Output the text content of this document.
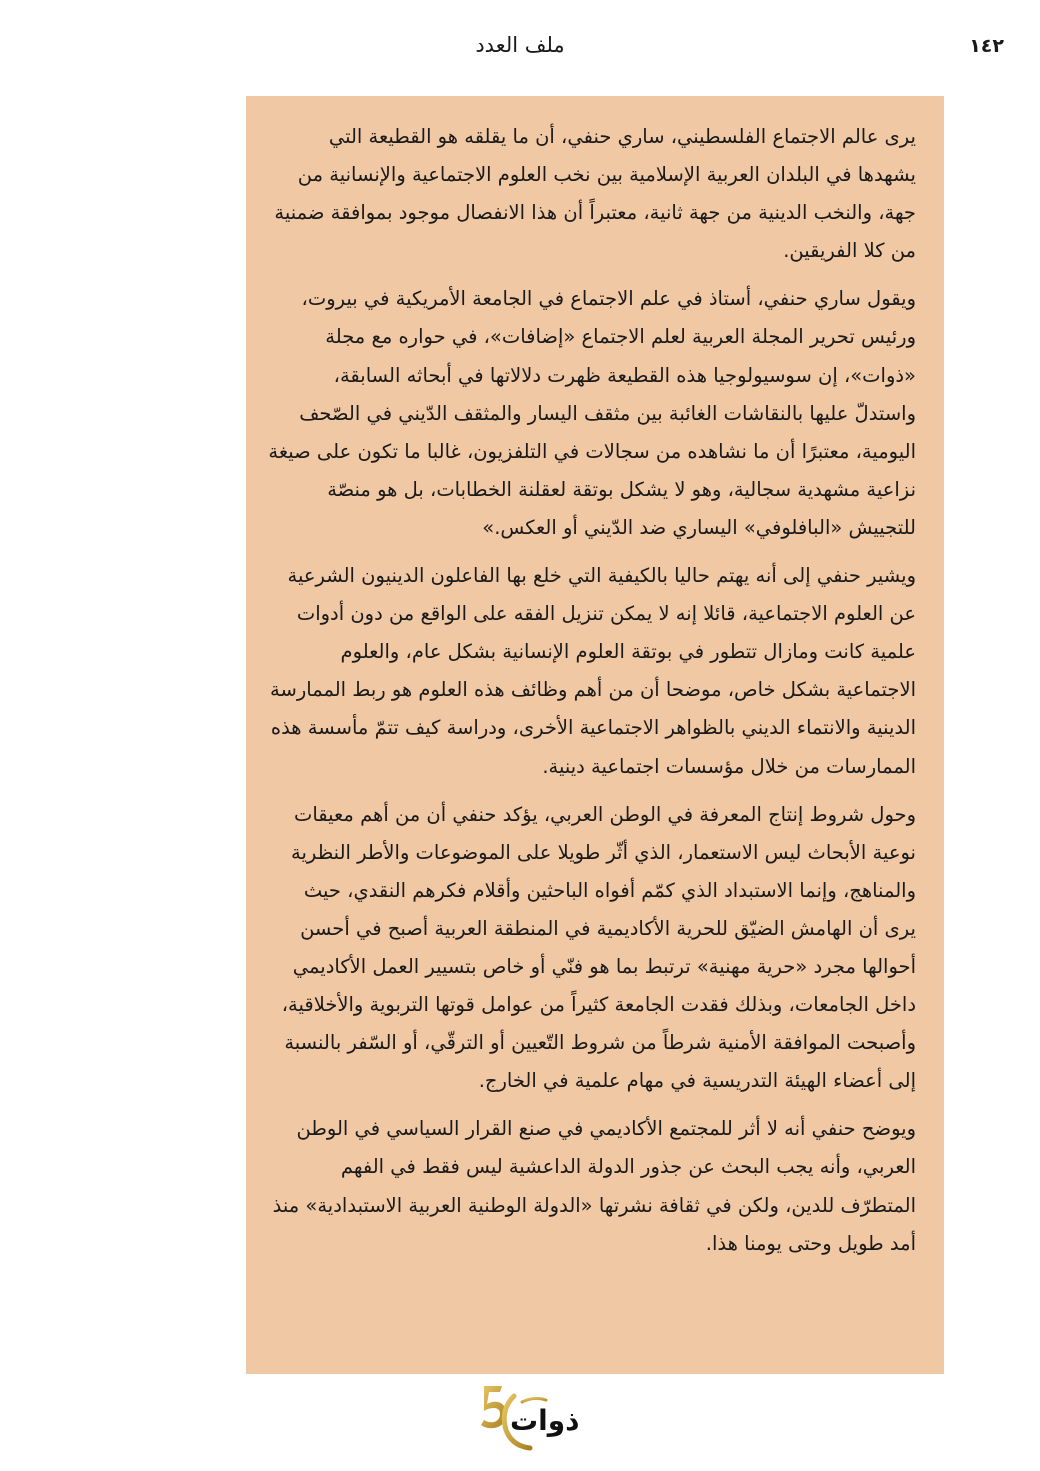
١٤٢
ملف العدد

يرى عالم الاجتماع الفلسطيني، ساري حنفي، أن ما يقلقه هو القطيعة التي يشهدها في البلدان العربية الإسلامية بين نخب العلوم الاجتماعية والإنسانية من جهة، والنخب الدينية من جهة ثانية، معتبراً أن هذا الانفصال موجود بموافقة ضمنية من كلا الفريقين.

ويقول ساري حنفي، أستاذ في علم الاجتماع في الجامعة الأمريكية في بيروت، ورئيس تحرير المجلة العربية لعلم الاجتماع «إضافات»، في حواره مع مجلة «ذوات»، إن سوسيولوجيا هذه القطيعة ظهرت دلالاتها في أبحاثه السابقة، واستدلّ عليها بالنقاشات الغائبة بين مثقف اليسار والمثقف الدّيني في الصّحف اليومية، معتبرًا أن ما نشاهده من سجالات في التلفزيون، غالبا ما تكون على صيغة نزاعية مشهدية سجالية، وهو لا يشكل بوتقة لعقلنة الخطابات، بل هو منصّة للتجييش «البافلوفي» اليساري ضد الدّيني أو العكس.»

ويشير حنفي إلى أنه يهتم حاليا بالكيفية التي خلع بها الفاعلون الدينيون الشرعية عن العلوم الاجتماعية، قائلا إنه لا يمكن تنزيل الفقه على الواقع من دون أدوات علمية كانت ومازال تتطور في بوتقة العلوم الإنسانية بشكل عام، والعلوم الاجتماعية بشكل خاص، موضحا أن من أهم وظائف هذه العلوم هو ربط الممارسة الدينية والانتماء الديني بالظواهر الاجتماعية الأخرى، ودراسة كيف تتمّ مأسسة هذه الممارسات من خلال مؤسسات اجتماعية دينية.

وحول شروط إنتاج المعرفة في الوطن العربي، يؤكد حنفي أن من أهم معيقات نوعية الأبحاث ليس الاستعمار، الذي أثّر طويلا على الموضوعات والأطر النظرية والمناهج، وإنما الاستبداد الذي كمّم أفواه الباحثين وأقلام فكرهم النقدي، حيث يرى أن الهامش الضيّق للحرية الأكاديمية في المنطقة العربية أصبح في أحسن أحوالها مجرد «حرية مهنية» ترتبط بما هو فنّي أو خاص بتسيير العمل الأكاديمي داخل الجامعات، وبذلك فقدت الجامعة كثيراً من عوامل قوتها التربوية والأخلاقية، وأصبحت الموافقة الأمنية شرطاً من شروط التّعيين أو الترقّي، أو السّفر بالنسبة إلى أعضاء الهيئة التدريسية في مهام علمية في الخارج.

ويوضح حنفي أنه لا أثر للمجتمع الأكاديمي في صنع القرار السياسي في الوطن العربي، وأنه يجب البحث عن جذور الدولة الداعشية ليس فقط في الفهم المتطرّف للدين، ولكن في ثقافة نشرتها «الدولة الوطنية العربية الاستبدادية» منذ أمد طويل وحتى يومنا هذا.

ذوات
